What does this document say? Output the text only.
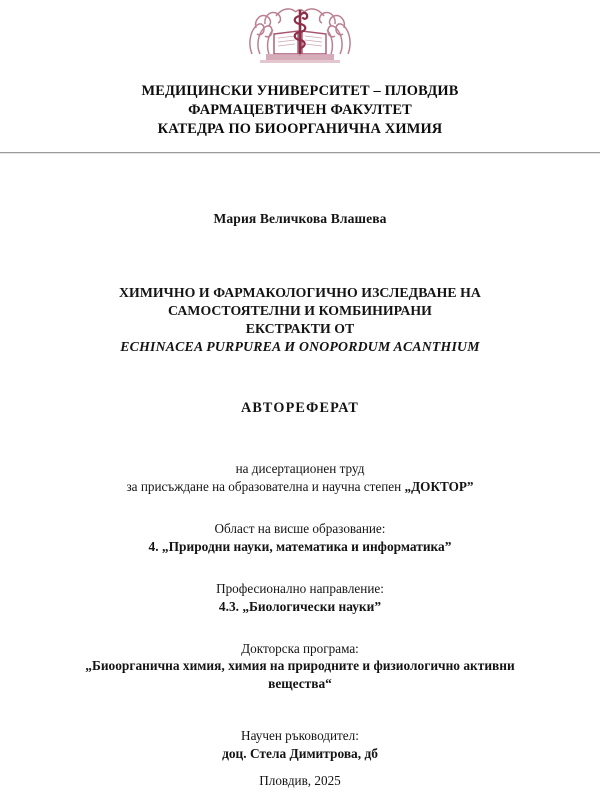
МЕДИЦИНСКИ УНИВЕРСИТЕТ – ПЛОВДИВ
ФАРМАЦЕВТИЧЕН ФАКУЛТЕТ
КАТЕДРА ПО БИООРГАНИЧНА ХИМИЯ
Мария Величкова Влашева
ХИМИЧНО И ФАРМАКОЛОГИЧНО ИЗСЛЕДВАНЕ НА
САМОСТОЯТЕЛНИ И КОМБИНИРАНИ
ЕКСТРАКТИ ОТ
ECHINACEA PURPUREA И ONOPORDUM ACANTHIUM
АВТОРЕФЕРАТ
на дисертационен труд
за присъждане на образователна и научна степен „ДОКТОР”
Област на висше образование:
4. „Природни науки, математика и информатика”
Професионално направление:
4.3. „Биологически науки”
Докторска програма:
„Биоорганична химия, химия на природните и физиологично активни вещества“
Научен ръководител:
доц. Стела Димитрова, дб
Пловдив, 2025
